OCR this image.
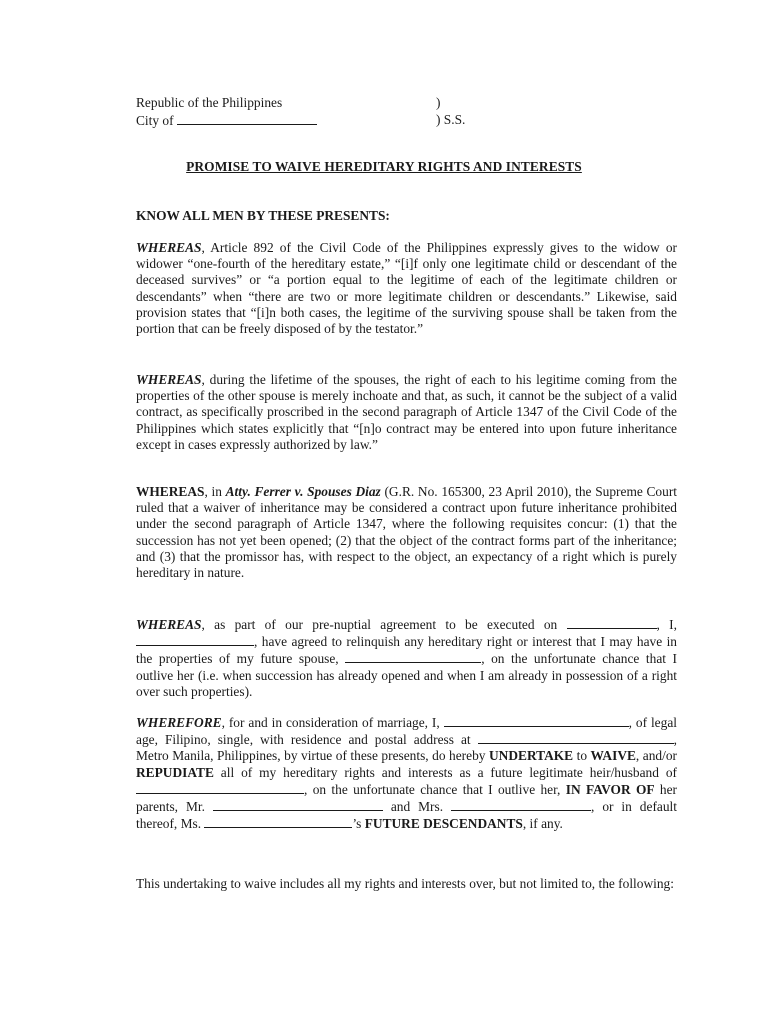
Republic of the Philippines	)
City of	) S.S.
PROMISE TO WAIVE HEREDITARY RIGHTS AND INTERESTS
KNOW ALL MEN BY THESE PRESENTS:

WHEREAS, Article 892 of the Civil Code of the Philippines expressly gives to the widow or widower “one-fourth of the hereditary estate,” “[i]f only one legitimate child or descendant of the deceased survives” or “a portion equal to the legitime of each of the legitimate children or descendants” when “there are two or more legitimate children or descendants.” Likewise, said provision states that “[i]n both cases, the legitime of the surviving spouse shall be taken from the portion that can be freely disposed of by the testator.”

WHEREAS, during the lifetime of the spouses, the right of each to his legitime coming from the properties of the other spouse is merely inchoate and that, as such, it cannot be the subject of a valid contract, as specifically proscribed in the second paragraph of Article 1347 of the Civil Code of the Philippines which states explicitly that “[n]o contract may be entered into upon future inheritance except in cases expressly authorized by law.”

WHEREAS, in Atty. Ferrer v. Spouses Diaz (G.R. No. 165300, 23 April 2010), the Supreme Court ruled that a waiver of inheritance may be considered a contract upon future inheritance prohibited under the second paragraph of Article 1347, where the following requisites concur: (1) that the succession has not yet been opened; (2) that the object of the contract forms part of the inheritance; and (3) that the promissor has, with respect to the object, an expectancy of a right which is purely hereditary in nature.

WHEREAS, as part of our pre-nuptial agreement to be executed on	, I, , have agreed to relinquish any hereditary right or interest that I may have in the properties of my future spouse,	, on the unfortunate chance that I outlive her (i.e. when succession has already opened and when I am already in possession of a right over such properties).

WHEREFORE, for and in consideration of marriage, I,	, of legal age, Filipino, single, with residence and postal address at	, Metro Manila, Philippines, by virtue of these presents, do hereby UNDERTAKE to WAIVE, and/or REPUDIATE all of my hereditary rights and interests as a future legitimate heir/husband of , on the unfortunate chance that I outlive her, IN FAVOR OF her parents, Mr.	and Mrs.	, or in default thereof, Ms.	’s FUTURE DESCENDANTS, if any.

This undertaking to waive includes all my rights and interests over, but not limited to, the following:
